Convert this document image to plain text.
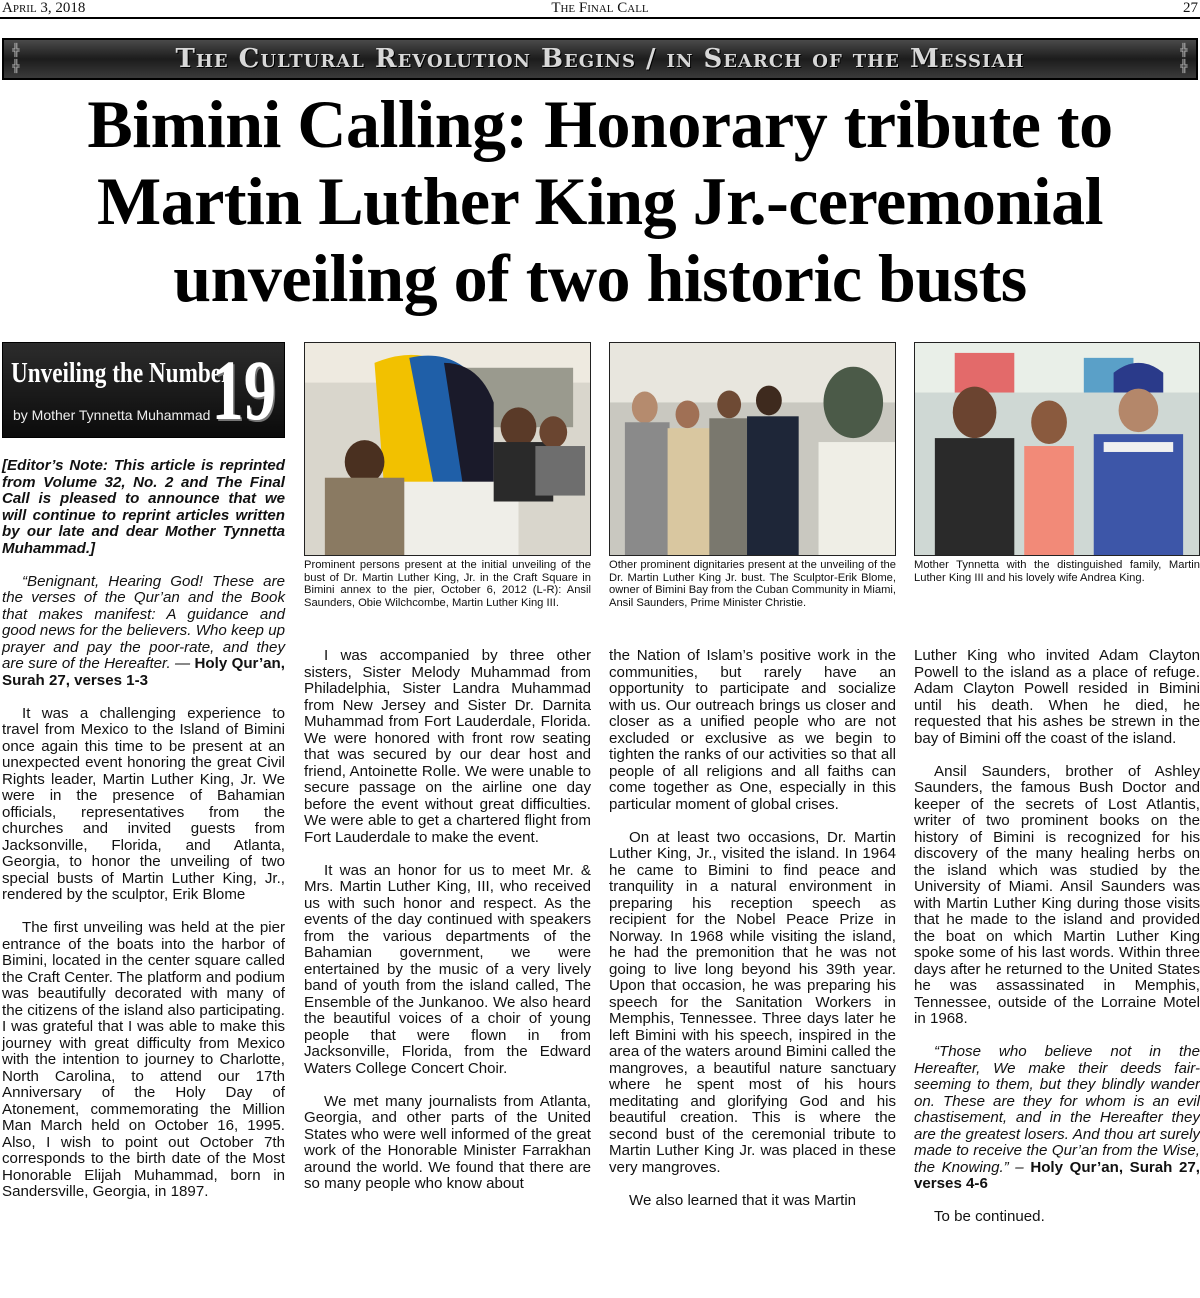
April 3, 2018	The Final Call	27
╬
╬	The Cultural Revolution Begins / in Search of the Messiah	╬
╬
Bimini Calling: Honorary tribute to Martin Luther King Jr.-ceremonial unveiling of two historic busts
Unveiling the Number
by Mother Tynnetta Muhammad 19
Prominent persons present at the initial unveiling of the bust of Dr. Martin Luther King, Jr. in the Craft Square in Bimini annex to the pier, October 6, 2012 (L-R): Ansil Saunders, Obie Wilchcombe, Martin Luther King III.
Other prominent dignitaries present at the unveiling of the Dr. Martin Luther King Jr. bust. The Sculptor-Erik Blome, owner of Bimini Bay from the Cuban Community in Miami, Ansil Saunders, Prime Minister Christie.
Mother Tynnetta with the distinguished family, Martin Luther King III and his lovely wife Andrea King.

[Editor’s Note: This article is reprinted from Volume 32, No. 2 and The Final Call is pleased to announce that we will continue to reprint articles written by our late and dear Mother Tynnetta Muhammad.]

“Benignant, Hearing God! These are the verses of the Qur’an and the Book that makes manifest: A guidance and good news for the believers. Who keep up prayer and pay the poor-rate, and they are sure of the Hereafter. — Holy Qur’an, Surah 27, verses 1-3

It was a challenging experience to travel from Mexico to the Island of Bimini once again this time to be present at an unexpected event honoring the great Civil Rights leader, Martin Luther King, Jr. We were in the presence of Bahamian officials, representatives from the churches and invited guests from Jacksonville, Florida, and Atlanta, Georgia, to honor the unveiling of two special busts of Martin Luther King, Jr., rendered by the sculptor, Erik Blome

The first unveiling was held at the pier entrance of the boats into the harbor of Bimini, located in the center square called the Craft Center. The platform and podium was beautifully decorated with many of the citizens of the island also participating. I was grateful that I was able to make this journey with great difficulty from Mexico with the intention to journey to Charlotte, North Carolina, to attend our 17th Anniversary of the Holy Day of Atonement, commemorating the Million Man March held on October 16, 1995. Also, I wish to point out October 7th corresponds to the birth date of the Most Honorable Elijah Muhammad, born in Sandersville, Georgia, in 1897.

I was accompanied by three other sisters, Sister Melody Muhammad from Philadelphia, Sister Landra Muhammad from New Jersey and Sister Dr. Darnita Muhammad from Fort Lauderdale, Florida. We were honored with front row seating that was secured by our dear host and friend, Antoinette Rolle. We were unable to secure passage on the airline one day before the event without great difficulties. We were able to get a chartered flight from Fort Lauderdale to make the event.

It was an honor for us to meet Mr. & Mrs. Martin Luther King, III, who received us with such honor and respect. As the events of the day continued with speakers from the various departments of the Bahamian government, we were entertained by the music of a very lively band of youth from the island called, The Ensemble of the Junkanoo. We also heard the beautiful voices of a choir of young people that were flown in from Jacksonville, Florida, from the Edward Waters College Concert Choir.

We met many journalists from Atlanta, Georgia, and other parts of the United States who were well informed of the great work of the Honorable Minister Farrakhan around the world. We found that there are so many people who know about

the Nation of Islam’s positive work in the communities, but rarely have an opportunity to participate and socialize with us. Our outreach brings us closer and closer as a unified people who are not excluded or exclusive as we begin to tighten the ranks of our activities so that all people of all religions and all faiths can come together as One, especially in this particular moment of global crises.

On at least two occasions, Dr. Martin Luther King, Jr., visited the island. In 1964 he came to Bimini to find peace and tranquility in a natural environment in preparing his reception speech as recipient for the Nobel Peace Prize in Norway. In 1968 while visiting the island, he had the premonition that he was not going to live long beyond his 39th year. Upon that occasion, he was preparing his speech for the Sanitation Workers in Memphis, Tennessee. Three days later he left Bimini with his speech, inspired in the area of the waters around Bimini called the mangroves, a beautiful nature sanctuary where he spent most of his hours meditating and glorifying God and his beautiful creation. This is where the second bust of the ceremonial tribute to Martin Luther King Jr. was placed in these very mangroves.

We also learned that it was Martin

Luther King who invited Adam Clayton Powell to the island as a place of refuge. Adam Clayton Powell resided in Bimini until his death. When he died, he requested that his ashes be strewn in the bay of Bimini off the coast of the island.

Ansil Saunders, brother of Ashley Saunders, the famous Bush Doctor and keeper of the secrets of Lost Atlantis, writer of two prominent books on the history of Bimini is recognized for his discovery of the many healing herbs on the island which was studied by the University of Miami. Ansil Saunders was with Martin Luther King during those visits that he made to the island and provided the boat on which Martin Luther King spoke some of his last words. Within three days after he returned to the United States he was assassinated in Memphis, Tennessee, outside of the Lorraine Motel in 1968.

“Those who believe not in the Hereafter, We make their deeds fair-seeming to them, but they blindly wander on. These are they for whom is an evil chastisement, and in the Hereafter they are the greatest losers. And thou art surely made to receive the Qur’an from the Wise, the Knowing.” – Holy Qur’an, Surah 27, verses 4-6

To be continued.
